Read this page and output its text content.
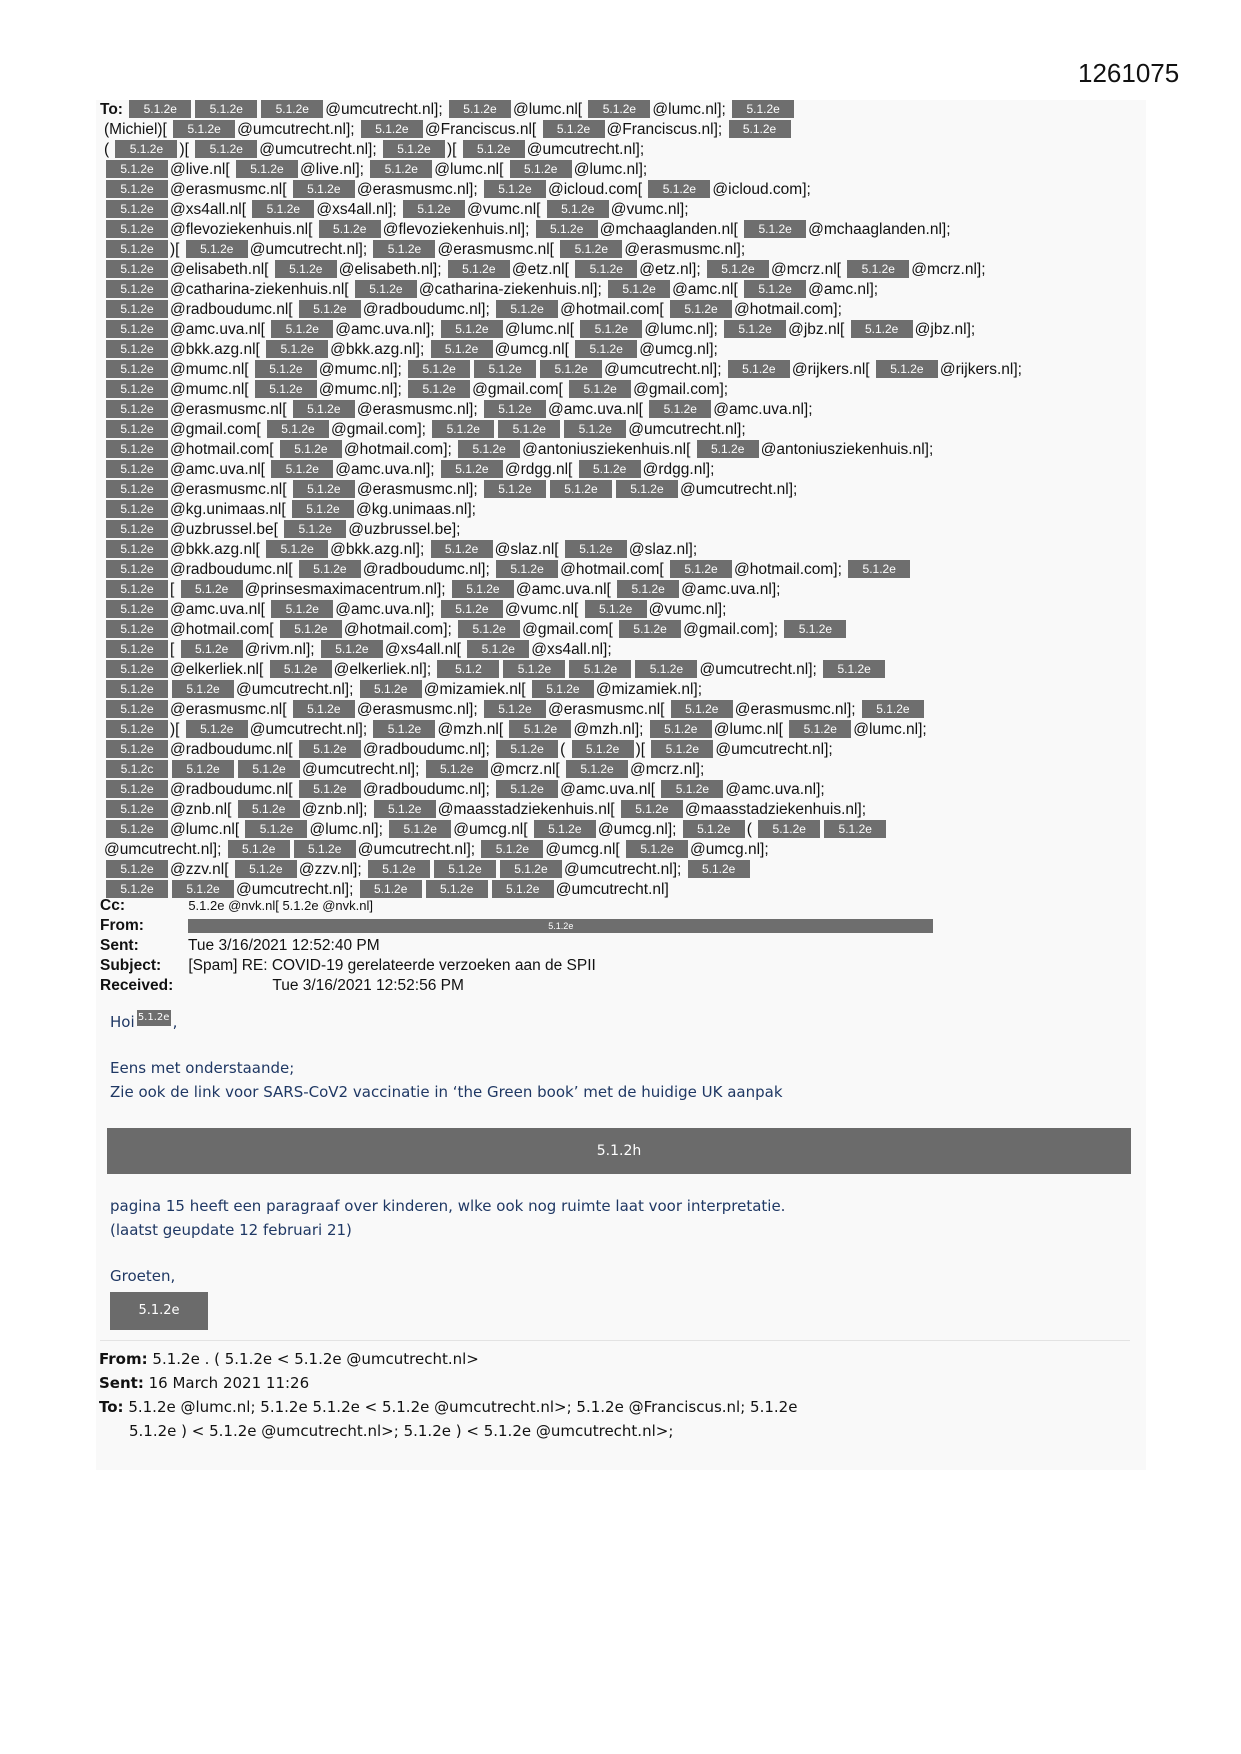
1261075
To: 5.1.2e	5.1.2e	5.1.2e @umcutrecht.nl]; 5.1.2e @lumc.nl[ 5.1.2e @lumc.nl]; 5.1.2e
(Michiel)[ 5.1.2e @umcutrecht.nl]; 5.1.2e @Franciscus.nl[ 5.1.2e @Franciscus.nl]; 5.1.2e
( 5.1.2e )[ 5.1.2e @umcutrecht.nl]; 5.1.2e )[ 5.1.2e @umcutrecht.nl];
5.1.2e @live.nl[ 5.1.2e @live.nl]; 5.1.2e @lumc.nl[ 5.1.2e @lumc.nl];
5.1.2e @erasmusmc.nl[ 5.1.2e @erasmusmc.nl]; 5.1.2e @icloud.com[ 5.1.2e @icloud.com];
5.1.2e @xs4all.nl[ 5.1.2e @xs4all.nl]; 5.1.2e @vumc.nl[ 5.1.2e @vumc.nl];
5.1.2e @flevoziekenhuis.nl[ 5.1.2e @flevoziekenhuis.nl]; 5.1.2e @mchaaglanden.nl[ 5.1.2e @mchaaglanden.nl];
5.1.2e )[ 5.1.2e @umcutrecht.nl]; 5.1.2e @erasmusmc.nl[ 5.1.2e @erasmusmc.nl];
5.1.2e @elisabeth.nl[ 5.1.2e @elisabeth.nl]; 5.1.2e @etz.nl[ 5.1.2e @etz.nl]; 5.1.2e @mcrz.nl[ 5.1.2e @mcrz.nl];
5.1.2e @catharina-ziekenhuis.nl[ 5.1.2e @catharina-ziekenhuis.nl]; 5.1.2e @amc.nl[ 5.1.2e @amc.nl];
5.1.2e @radboudumc.nl[ 5.1.2e @radboudumc.nl]; 5.1.2e @hotmail.com[ 5.1.2e @hotmail.com];
5.1.2e @amc.uva.nl[ 5.1.2e @amc.uva.nl]; 5.1.2e @lumc.nl[ 5.1.2e @lumc.nl]; 5.1.2e @jbz.nl[ 5.1.2e @jbz.nl];
5.1.2e @bkk.azg.nl[ 5.1.2e @bkk.azg.nl]; 5.1.2e @umcg.nl[ 5.1.2e @umcg.nl];
5.1.2e @mumc.nl[ 5.1.2e @mumc.nl]; 5.1.2e	5.1.2e	5.1.2e @umcutrecht.nl]; 5.1.2e @rijkers.nl[ 5.1.2e @rijkers.nl];
5.1.2e @mumc.nl[ 5.1.2e @mumc.nl]; 5.1.2e @gmail.com[ 5.1.2e @gmail.com];
5.1.2e @erasmusmc.nl[ 5.1.2e @erasmusmc.nl]; 5.1.2e @amc.uva.nl[ 5.1.2e @amc.uva.nl];
5.1.2e @gmail.com[ 5.1.2e @gmail.com]; 5.1.2e	5.1.2e	5.1.2e @umcutrecht.nl];
5.1.2e @hotmail.com[ 5.1.2e @hotmail.com]; 5.1.2e @antoniusziekenhuis.nl[ 5.1.2e @antoniusziekenhuis.nl];
5.1.2e @amc.uva.nl[ 5.1.2e @amc.uva.nl]; 5.1.2e @rdgg.nl[ 5.1.2e @rdgg.nl];
5.1.2e @erasmusmc.nl[ 5.1.2e @erasmusmc.nl]; 5.1.2e	5.1.2e	5.1.2e @umcutrecht.nl];
5.1.2e @kg.unimaas.nl[ 5.1.2e @kg.unimaas.nl];
5.1.2e @uzbrussel.be[ 5.1.2e @uzbrussel.be];
5.1.2e @bkk.azg.nl[ 5.1.2e @bkk.azg.nl]; 5.1.2e @slaz.nl[ 5.1.2e @slaz.nl];
5.1.2e @radboudumc.nl[ 5.1.2e @radboudumc.nl]; 5.1.2e @hotmail.com[ 5.1.2e @hotmail.com]; 5.1.2e
5.1.2e [ 5.1.2e @prinsesmaximacentrum.nl]; 5.1.2e @amc.uva.nl[ 5.1.2e @amc.uva.nl];
5.1.2e @amc.uva.nl[ 5.1.2e @amc.uva.nl]; 5.1.2e @vumc.nl[ 5.1.2e @vumc.nl];
5.1.2e @hotmail.com[ 5.1.2e @hotmail.com]; 5.1.2e @gmail.com[ 5.1.2e @gmail.com]; 5.1.2e
5.1.2e [ 5.1.2e @rivm.nl]; 5.1.2e @xs4all.nl[ 5.1.2e @xs4all.nl];
5.1.2e @elkerliek.nl[ 5.1.2e @elkerliek.nl]; 5.1.2	5.1.2e	5.1.2e	5.1.2e @umcutrecht.nl]; 5.1.2e
5.1.2e	5.1.2e @umcutrecht.nl]; 5.1.2e @mizamiek.nl[ 5.1.2e @mizamiek.nl];
5.1.2e @erasmusmc.nl[ 5.1.2e @erasmusmc.nl]; 5.1.2e @erasmusmc.nl[ 5.1.2e @erasmusmc.nl]; 5.1.2e
5.1.2e )[ 5.1.2e @umcutrecht.nl]; 5.1.2e @mzh.nl[ 5.1.2e @mzh.nl]; 5.1.2e @lumc.nl[ 5.1.2e @lumc.nl];
5.1.2e @radboudumc.nl[ 5.1.2e @radboudumc.nl]; 5.1.2e ( 5.1.2e )[ 5.1.2e @umcutrecht.nl];
5.1.2c	5.1.2e	5.1.2e @umcutrecht.nl]; 5.1.2e @mcrz.nl[ 5.1.2e @mcrz.nl];
5.1.2e @radboudumc.nl[ 5.1.2e @radboudumc.nl]; 5.1.2e @amc.uva.nl[ 5.1.2e @amc.uva.nl];
5.1.2e @znb.nl[ 5.1.2e @znb.nl]; 5.1.2e @maasstadziekenhuis.nl[ 5.1.2e @maasstadziekenhuis.nl];
5.1.2e @lumc.nl[ 5.1.2e @lumc.nl]; 5.1.2e @umcg.nl[ 5.1.2e @umcg.nl]; 5.1.2e ( 5.1.2e	5.1.2e
@umcutrecht.nl]; 5.1.2e	5.1.2e @umcutrecht.nl]; 5.1.2e @umcg.nl[ 5.1.2e @umcg.nl];
5.1.2e @zzv.nl[ 5.1.2e @zzv.nl]; 5.1.2e	5.1.2e	5.1.2e @umcutrecht.nl]; 5.1.2e
5.1.2e	5.1.2e @umcutrecht.nl]; 5.1.2e	5.1.2e	5.1.2e @umcutrecht.nl]
Cc:	5.1.2e @nvk.nl[ 5.1.2e @nvk.nl]
From:	5.1.2e
Sent:	Tue 3/16/2021 12:52:40 PM
Subject: [Spam] RE: COVID-19 gerelateerde verzoeken aan de SPII
Received:	Tue 3/16/2021 12:52:56 PM

Hoi 5.1.2e ,

Eens met onderstaande;

Zie ook de link voor SARS-CoV2 vaccinatie in ‘the Green book’ met de huidige UK aanpak

5.1.2h

pagina 15 heeft een paragraaf over kinderen, wlke ook nog ruimte laat voor interpretatie.

(laatst geupdate 12 februari 21)

Groeten,

5.1.2e
From: 5.1.2e . ( 5.1.2e < 5.1.2e @umcutrecht.nl>
Sent: 16 March 2021 11:26
To: 5.1.2e @lumc.nl; 5.1.2e 5.1.2e < 5.1.2e @umcutrecht.nl>; 5.1.2e @Franciscus.nl; 5.1.2e
5.1.2e ) < 5.1.2e @umcutrecht.nl>; 5.1.2e ) < 5.1.2e @umcutrecht.nl>;
